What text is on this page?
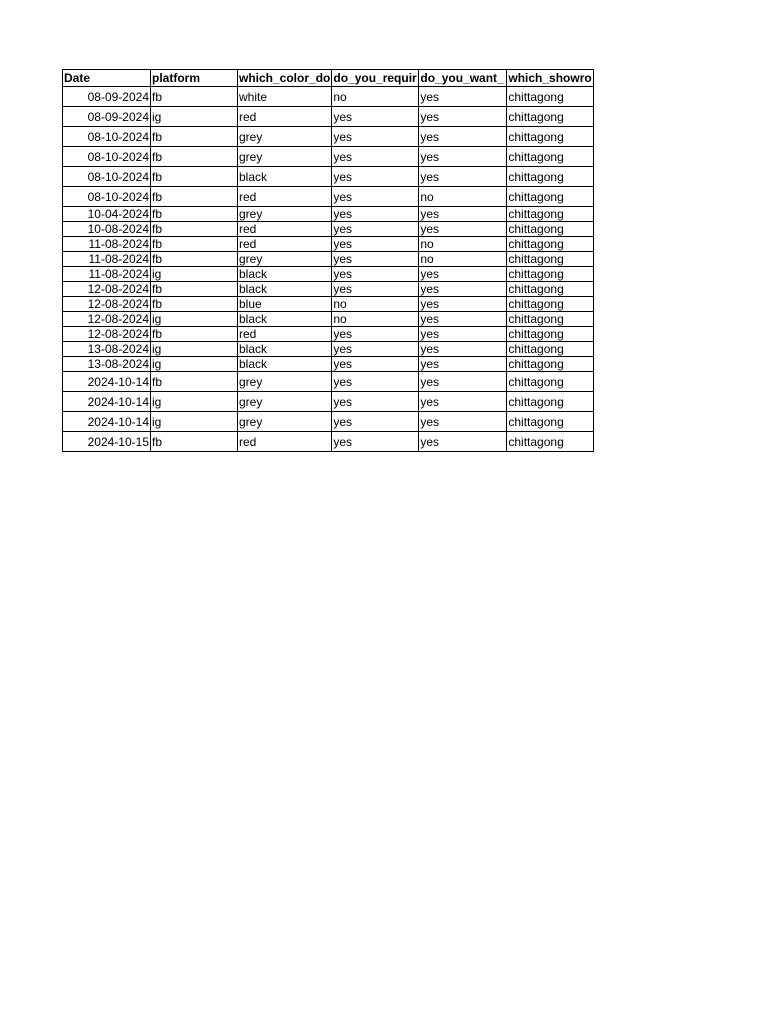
Date	platform	which_color_do	do_you_requir	do_you_want_	which_showro
08-09-2024	fb	white	no	yes	chittagong
08-09-2024	ig	red	yes	yes	chittagong
08-10-2024	fb	grey	yes	yes	chittagong
08-10-2024	fb	grey	yes	yes	chittagong
08-10-2024	fb	black	yes	yes	chittagong
08-10-2024	fb	red	yes	no	chittagong
10-04-2024	fb	grey	yes	yes	chittagong
10-08-2024	fb	red	yes	yes	chittagong
11-08-2024	fb	red	yes	no	chittagong
11-08-2024	fb	grey	yes	no	chittagong
11-08-2024	ig	black	yes	yes	chittagong
12-08-2024	fb	black	yes	yes	chittagong
12-08-2024	fb	blue	no	yes	chittagong
12-08-2024	ig	black	no	yes	chittagong
12-08-2024	fb	red	yes	yes	chittagong
13-08-2024	ig	black	yes	yes	chittagong
13-08-2024	ig	black	yes	yes	chittagong
2024-10-14	fb	grey	yes	yes	chittagong
2024-10-14	ig	grey	yes	yes	chittagong
2024-10-14	ig	grey	yes	yes	chittagong
2024-10-15	fb	red	yes	yes	chittagong
